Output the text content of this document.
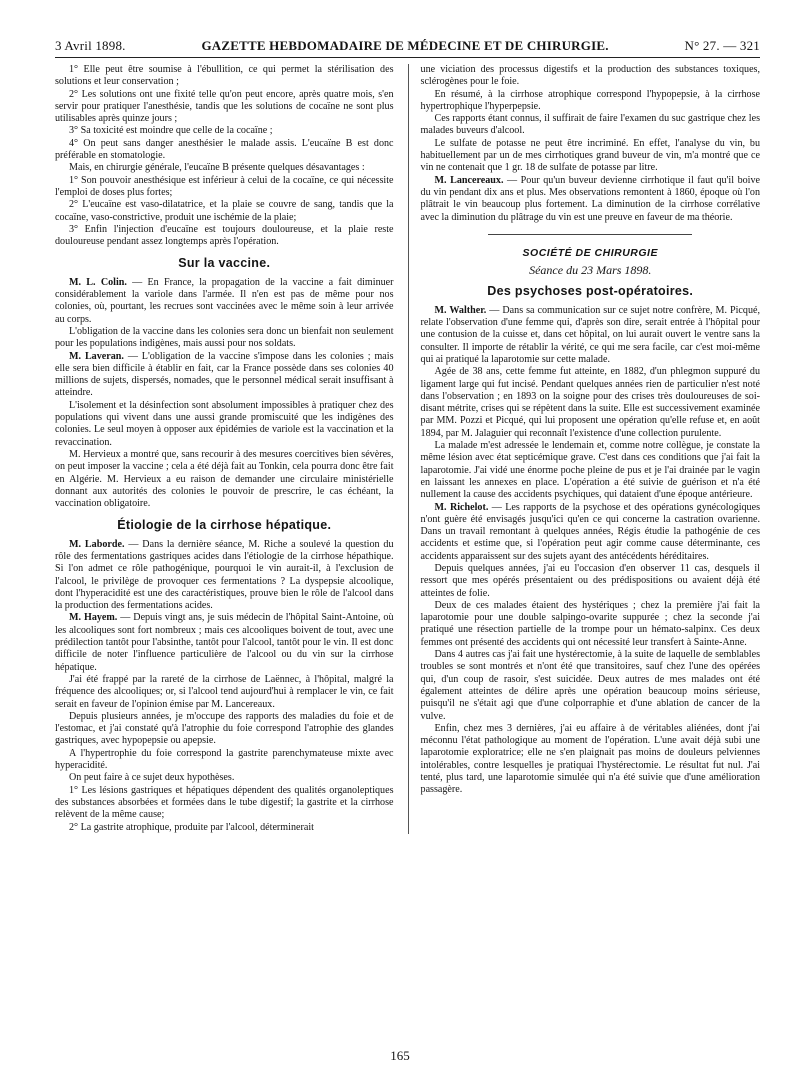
3 Avril 1898.	GAZETTE HEBDOMADAIRE DE MÉDECINE ET DE CHIRURGIE.	N° 27. — 321

1° Elle peut être soumise à l'ébullition, ce qui permet la stérilisation des solutions et leur conservation ;

2° Les solutions ont une fixité telle qu'on peut encore, après quatre mois, s'en servir pour pratiquer l'anesthésie, tandis que les solutions de cocaïne ne sont plus utilisables après quinze jours ;

3° Sa toxicité est moindre que celle de la cocaïne ;

4° On peut sans danger anesthésier le malade assis. L'eucaïne B est donc préférable en stomatologie.

Mais, en chirurgie générale, l'eucaïne B présente quelques désavantages :

1° Son pouvoir anesthésique est inférieur à celui de la cocaïne, ce qui nécessite l'emploi de doses plus fortes;

2° L'eucaïne est vaso-dilatatrice, et la plaie se couvre de sang, tandis que la cocaïne, vaso-constrictive, produit une ischémie de la plaie;

3° Enfin l'injection d'eucaïne est toujours douloureuse, et la plaie reste douloureuse pendant assez longtemps après l'opération.

Sur la vaccine.

M. L. Colin. — En France, la propagation de la vaccine a fait diminuer considérablement la variole dans l'armée. Il n'en est pas de même pour nos colonies, où, pourtant, les recrues sont vaccinées avec le même soin à leur arrivée au corps.

L'obligation de la vaccine dans les colonies sera donc un bienfait non seulement pour les populations indigènes, mais aussi pour nos soldats.

M. Laveran. — L'obligation de la vaccine s'impose dans les colonies ; mais elle sera bien difficile à établir en fait, car la France possède dans ses colonies 40 millions de sujets, dispersés, nomades, que le personnel médical serait insuffisant à atteindre.

L'isolement et la désinfection sont absolument impossibles à pratiquer chez des populations qui vivent dans une aussi grande promiscuité que les indigènes des colonies. Le seul moyen à opposer aux épidémies de variole est la vaccination et la revaccination.

M. Hervieux a montré que, sans recourir à des mesures coercitives bien sévères, on peut imposer la vaccine ; cela a été déjà fait au Tonkin, cela pourra donc être fait en Algérie. M. Hervieux a eu raison de demander une circulaire ministérielle donnant aux autorités des colonies le pouvoir de prescrire, le cas échéant, la vaccination obligatoire.

Étiologie de la cirrhose hépatique.

M. Laborde. — Dans la dernière séance, M. Riche a soulevé la question du rôle des fermentations gastriques acides dans l'étiologie de la cirrhose hépathique. Si l'on admet ce rôle pathogénique, pourquoi le vin aurait-il, à l'exclusion de l'alcool, le privilège de provoquer ces fermentations ? La dyspepsie alcoolique, dont l'hyperacidité est une des caractéristiques, prouve bien le rôle de l'alcool dans la production des fermentations acides.

M. Hayem. — Depuis vingt ans, je suis médecin de l'hôpital Saint-Antoine, où les alcooliques sont fort nombreux ; mais ces alcooliques boivent de tout, avec une prédilection tantôt pour l'absinthe, tantôt pour l'alcool, tantôt pour le vin. Il est donc difficile de noter l'influence particulière de l'alcool ou du vin sur la cirrhose hépatique.

J'ai été frappé par la rareté de la cirrhose de Laënnec, à l'hôpital, malgré la fréquence des alcooliques; or, si l'alcool tend aujourd'hui à remplacer le vin, ce fait serait en faveur de l'opinion émise par M. Lancereaux.

Depuis plusieurs années, je m'occupe des rapports des maladies du foie et de l'estomac, et j'ai constaté qu'à l'atrophie du foie correspond l'atrophie des glandes gastriques, avec hypopepsie ou apepsie.

A l'hypertrophie du foie correspond la gastrite parenchymateuse mixte avec hyperacidité.

On peut faire à ce sujet deux hypothèses.

1° Les lésions gastriques et hépatiques dépendent des qualités organoleptiques des substances absorbées et formées dans le tube digestif; la gastrite et la cirrhose relèvent de la même cause;

2° La gastrite atrophique, produite par l'alcool, déterminerait

une viciation des processus digestifs et la production des substances toxiques, sclérogènes pour le foie.

En résumé, à la cirrhose atrophique correspond l'hypopepsie, à la cirrhose hypertrophique l'hyperpepsie.

Ces rapports étant connus, il suffirait de faire l'examen du suc gastrique chez les malades buveurs d'alcool.

Le sulfate de potasse ne peut être incriminé. En effet, l'analyse du vin, bu habituellement par un de mes cirrhotiques grand buveur de vin, m'a montré que ce vin ne contenait que 1 gr. 18 de sulfate de potasse par litre.

M. Lancereaux. — Pour qu'un buveur devienne cirrhotique il faut qu'il boive du vin pendant dix ans et plus. Mes observations remontent à 1860, époque où l'on plâtrait le vin beaucoup plus fortement. La diminution de la cirrhose corrélative avec la diminution du plâtrage du vin est une preuve en faveur de ma théorie.

SOCIÉTÉ DE CHIRURGIE
Séance du 23 Mars 1898.
Des psychoses post-opératoires.

M. Walther. — Dans sa communication sur ce sujet notre confrère, M. Picqué, relate l'observation d'une femme qui, d'après son dire, serait entrée à l'hôpital pour une contusion de la cuisse et, dans cet hôpital, on lui aurait ouvert le ventre sans la consulter. Il importe de rétablir la vérité, ce qui me sera facile, car c'est moi-même qui ai pratiqué la laparotomie sur cette malade.

Agée de 38 ans, cette femme fut atteinte, en 1882, d'un phlegmon suppuré du ligament large qui fut incisé. Pendant quelques années rien de particulier n'est noté dans l'observation ; en 1893 on la soigne pour des crises très douloureuses de soi-disant métrite, crises qui se répètent dans la suite. Elle est successivement examinée par MM. Pozzi et Picqué, qui lui proposent une opération qu'elle refuse et, en août 1894, par M. Jalaguier qui reconnaît l'existence d'une collection purulente.

La malade m'est adressée le lendemain et, comme notre collègue, je constate la même lésion avec état septicémique grave. C'est dans ces conditions que j'ai fait la laparotomie. J'ai vidé une énorme poche pleine de pus et je l'ai drainée par le vagin en laissant les annexes en place. L'opération a été suivie de guérison et n'a été nullement la cause des accidents psychiques, qui dataient d'une époque antérieure.

M. Richelot. — Les rapports de la psychose et des opérations gynécologiques n'ont guère été envisagés jusqu'ici qu'en ce qui concerne la castration ovarienne. Dans un travail remontant à quelques années, Régis étudie la pathogénie de ces accidents et estime que, si l'opération peut agir comme cause déterminante, ces accidents apparaissent sur des sujets ayant des antécédents héréditaires.

Depuis quelques années, j'ai eu l'occasion d'en observer 11 cas, desquels il ressort que mes opérés présentaient ou des prédispositions ou avaient déjà été atteintes de folie.

Deux de ces malades étaient des hystériques ; chez la première j'ai fait la laparotomie pour une double salpingo-ovarite suppurée ; chez la seconde j'ai pratiqué une résection partielle de la trompe pour un hémato-salpinx. Ces deux femmes ont présenté des accidents qui ont nécessité leur transfert à Sainte-Anne.

Dans 4 autres cas j'ai fait une hystérectomie, à la suite de laquelle de semblables troubles se sont montrés et n'ont été que transitoires, sauf chez l'une des opérées qui, d'un coup de rasoir, s'est suicidée. Deux autres de mes malades ont été également atteintes de délire après une opération beaucoup moins sérieuse, puisqu'il ne s'était agi que d'une colporraphie et d'une ablation de cancer de la vulve.

Enfin, chez mes 3 dernières, j'ai eu affaire à de véritables aliénées, dont j'ai méconnu l'état pathologique au moment de l'opération. L'une avait déjà subi une laparotomie exploratrice; elle ne s'en plaignait pas moins de douleurs pelviennes intolérables, contre lesquelles je pratiquai l'hystérectomie. Le résultat fut nul. J'ai tenté, plus tard, une laparotomie simulée qui n'a été suivie que d'une amélioration passagère.

165
